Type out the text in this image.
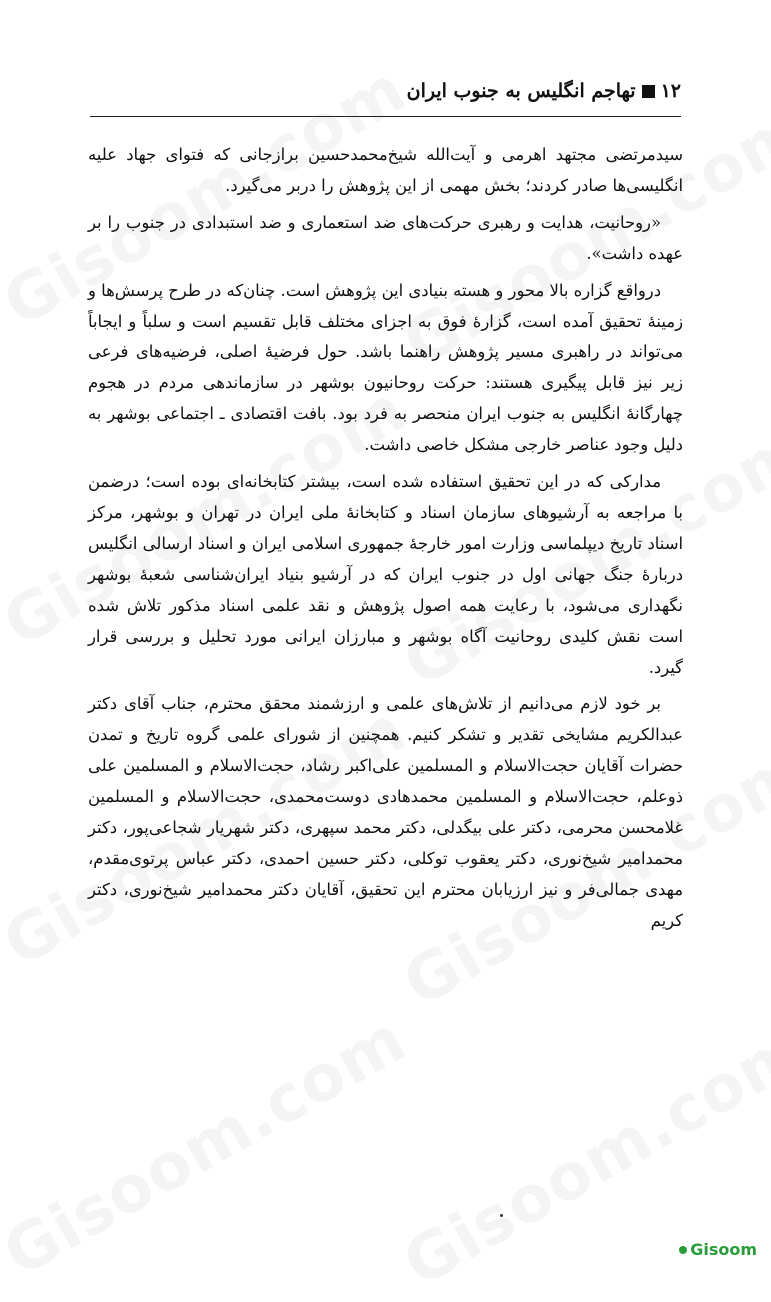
۱۲
تهاجم انگلیس به جنوب ایران

سیدمرتضی مجتهد اهرمی و آیت‌الله شیخ‌محمدحسین برازجانی که فتوای جهاد علیه انگلیسی‌ها صادر کردند؛ بخش مهمی از این پژوهش را دربر می‌گیرد.

«روحانیت، هدایت و رهبری حرکت‌های ضد استعماری و ضد استبدادی در جنوب را بر عهده داشت».

درواقع گزاره بالا محور و هسته بنیادی این پژوهش است. چنان‌که در طرح پرسش‌ها و زمینهٔ تحقیق آمده است، گزارهٔ فوق به اجزای مختلف قابل تقسیم است و سلباً و ایجاباً می‌تواند در راهبری مسیر پژوهش راهنما باشد. حول فرضیهٔ اصلی، فرضیه‌های فرعی زیر نیز قابل پیگیری هستند: حرکت روحانیون بوشهر در سازماندهی مردم در هجوم چهارگانهٔ انگلیس به جنوب ایران منحصر به فرد بود. بافت اقتصادی ـ اجتماعی بوشهر به دلیل وجود عناصر خارجی مشکل خاصی داشت.

مدارکی که در این تحقیق استفاده شده است، بیشتر کتابخانه‌ای بوده است؛ درضمن با مراجعه به آرشیوهای سازمان اسناد و کتابخانهٔ ملی ایران در تهران و بوشهر، مرکز اسناد تاریخ دیپلماسی وزارت امور خارجهٔ جمهوری اسلامی ایران و اسناد ارسالی انگلیس دربارهٔ جنگ جهانی اول در جنوب ایران که در آرشیو بنیاد ایران‌شناسی شعبهٔ بوشهر نگهداری می‌شود، با رعایت همه اصول پژوهش و نقد علمی اسناد مذکور تلاش شده است نقش کلیدی روحانیت آگاه بوشهر و مبارزان ایرانی مورد تحلیل و بررسی قرار گیرد.

بر خود لازم می‌دانیم از تلاش‌های علمی و ارزشمند محقق محترم، جناب آقای دکتر عبدالکریم مشایخی تقدیر و تشکر کنیم. همچنین از شورای علمی گروه تاریخ و تمدن حضرات آقایان حجت‌الاسلام و المسلمین علی‌اکبر رشاد، حجت‌الاسلام و المسلمین علی ذوعلم، حجت‌الاسلام و المسلمین محمدهادی دوست‌محمدی، حجت‌الاسلام و المسلمین غلامحسن محرمی، دکتر علی بیگدلی، دکتر محمد سپهری، دکتر شهریار شجاعی‌پور، دکتر محمدامیر شیخ‌نوری، دکتر یعقوب توکلی، دکتر حسین احمدی، دکتر عباس پرتوی‌مقدم، مهدی جمالی‌فر و نیز ارزیابان محترم این تحقیق، آقایان دکتر محمدامیر شیخ‌نوری، دکتر کریم

Gisoom
